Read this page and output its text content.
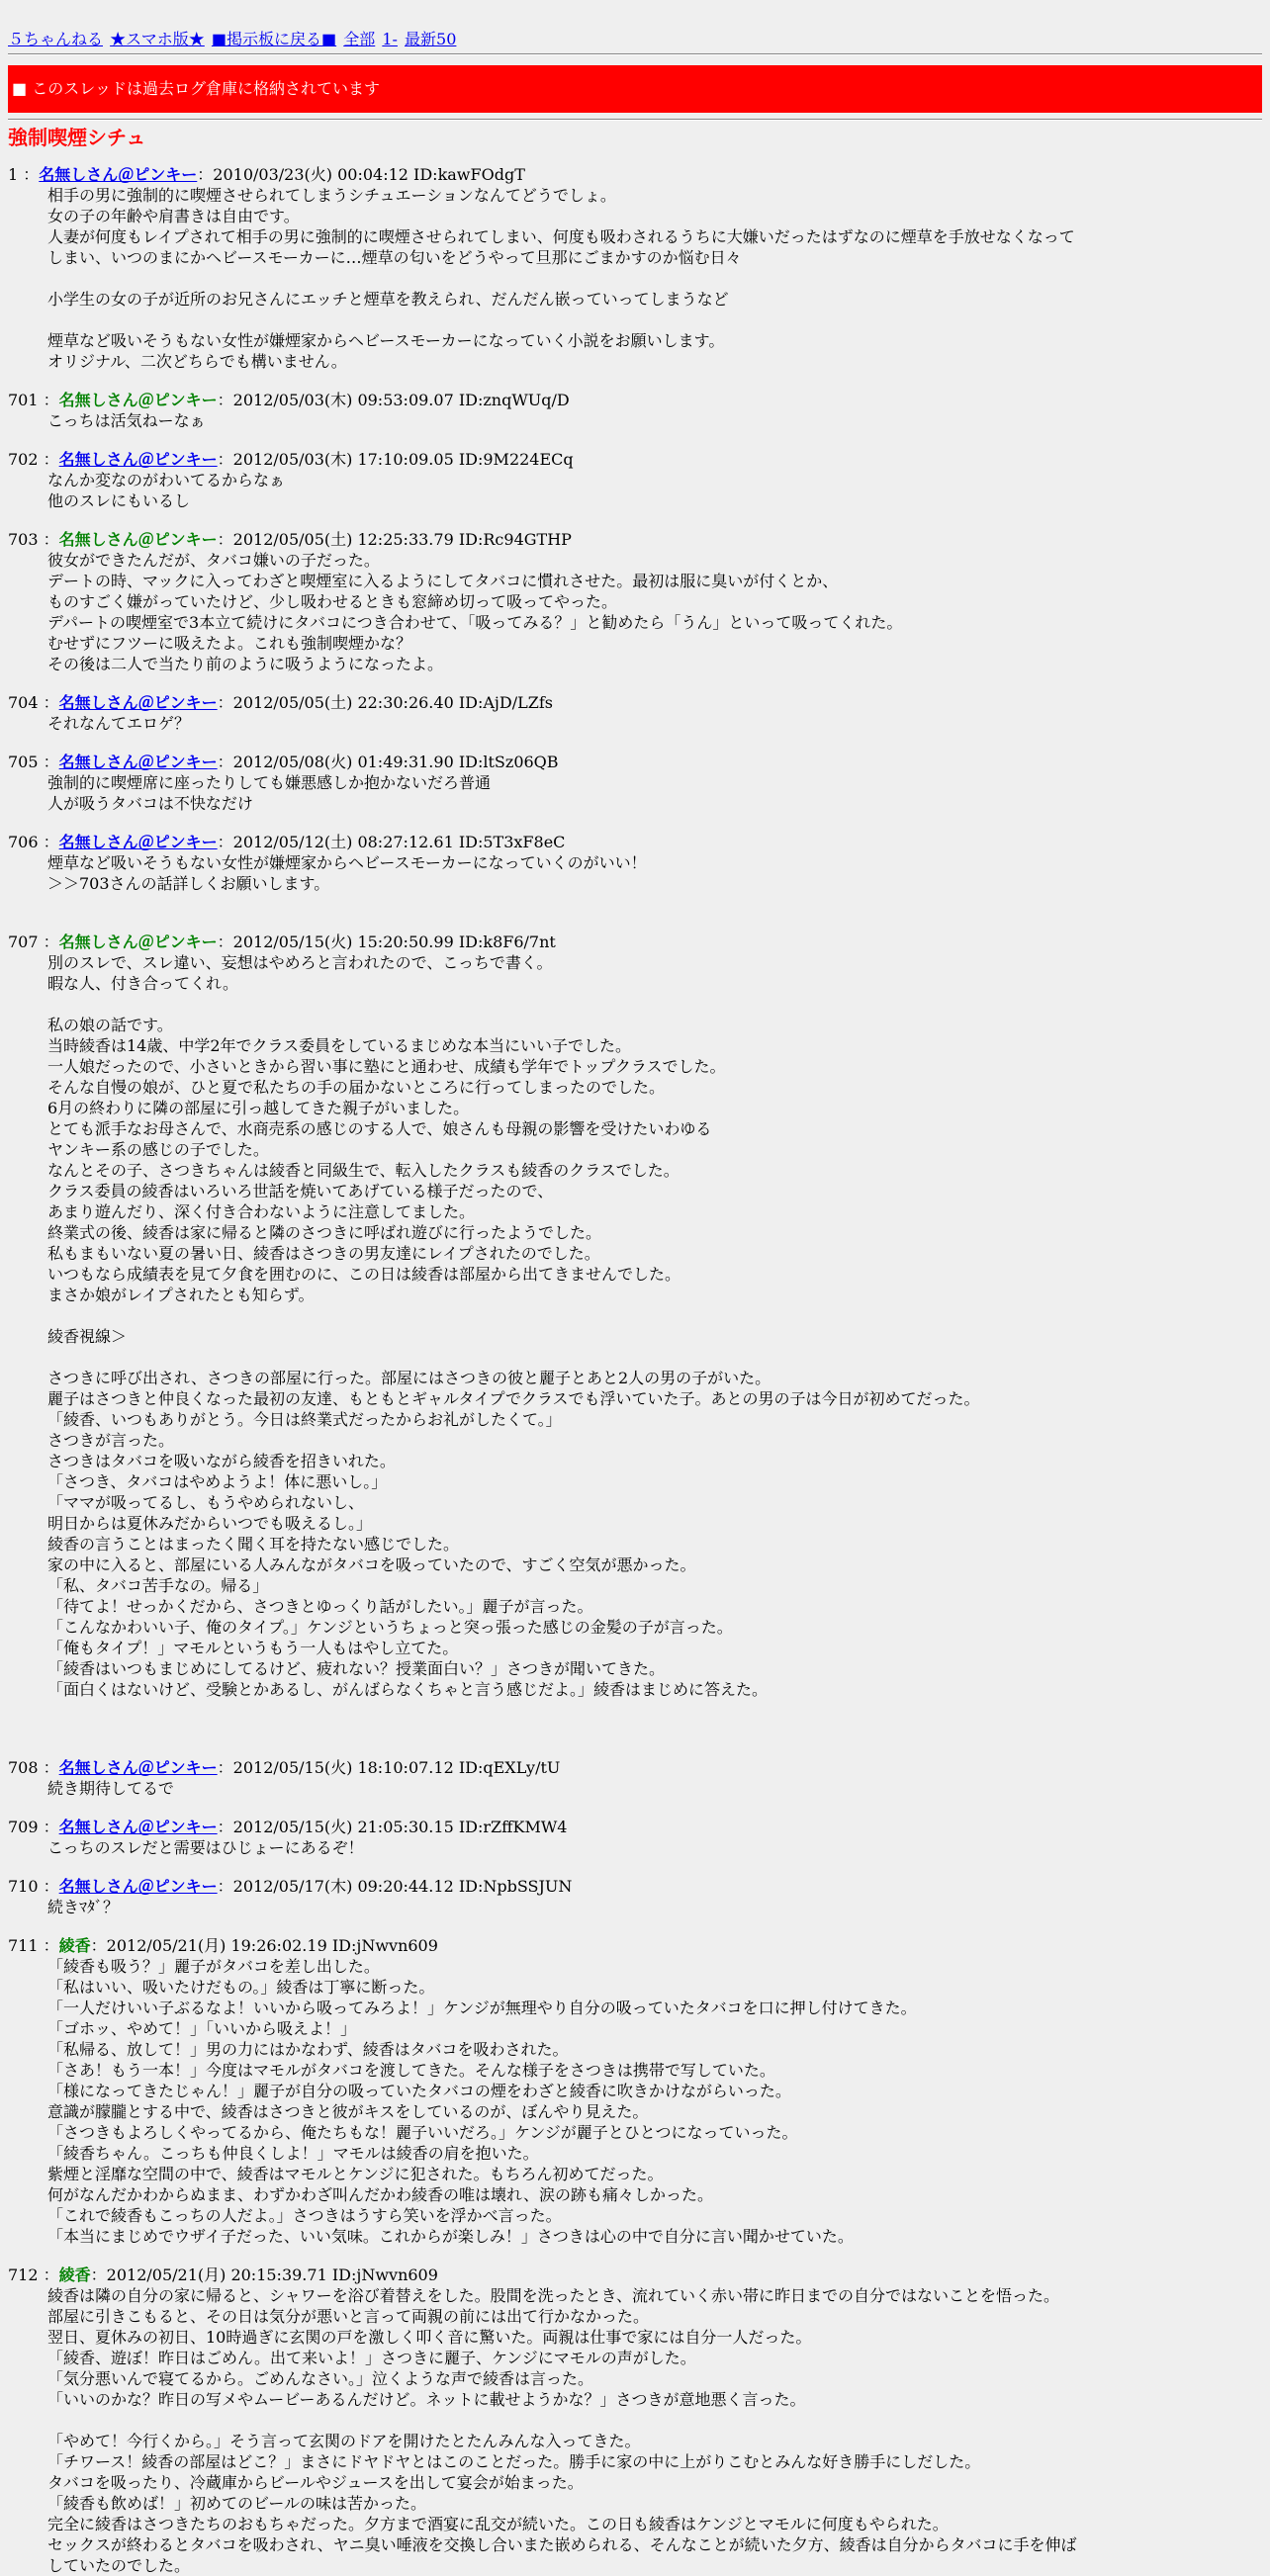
５ちゃんねる ★スマホ版★ ■掲示板に戻る■ 全部 1- 最新50
■ このスレッドは過去ログ倉庫に格納されています
強制喫煙シチュ
1 ：名無しさん＠ピンキー：2010/03/23(火) 00:04:12 ID:kawFOdgT
相手の男に強制的に喫煙させられてしまうシチュエーションなんてどうでしょ。
女の子の年齢や肩書きは自由です。
人妻が何度もレイプされて相手の男に強制的に喫煙させられてしまい、何度も吸わされるうちに大嫌いだったはずなのに煙草を手放せなくなって
しまい、いつのまにかヘビースモーカーに…煙草の匂いをどうやって旦那にごまかすのか悩む日々

小学生の女の子が近所のお兄さんにエッチと煙草を教えられ、だんだん嵌っていってしまうなど

煙草など吸いそうもない女性が嫌煙家からヘビースモーカーになっていく小説をお願いします。
オリジナル、二次どちらでも構いません。
701 ：名無しさん＠ピンキー：2012/05/03(木) 09:53:09.07 ID:znqWUq/D
こっちは活気ねーなぁ
702 ：名無しさん＠ピンキー：2012/05/03(木) 17:10:09.05 ID:9M224ECq
なんか変なのがわいてるからなぁ
他のスレにもいるし
703 ：名無しさん＠ピンキー：2012/05/05(土) 12:25:33.79 ID:Rc94GTHP
彼女ができたんだが、タバコ嫌いの子だった。
デートの時、マックに入ってわざと喫煙室に入るようにしてタバコに慣れさせた。最初は服に臭いが付くとか、
ものすごく嫌がっていたけど、少し吸わせるときも窓締め切って吸ってやった。
デパートの喫煙室で3本立て続けにタバコにつき合わせて、「吸ってみる？」と勧めたら「うん」といって吸ってくれた。
むせずにフツーに吸えたよ。これも強制喫煙かな？
その後は二人で当たり前のように吸うようになったよ。
704 ：名無しさん＠ピンキー：2012/05/05(土) 22:30:26.40 ID:AjD/LZfs
それなんてエロゲ？
705 ：名無しさん＠ピンキー：2012/05/08(火) 01:49:31.90 ID:ltSz06QB
強制的に喫煙席に座ったりしても嫌悪感しか抱かないだろ普通
人が吸うタバコは不快なだけ
706 ：名無しさん＠ピンキー：2012/05/12(土) 08:27:12.61 ID:5T3xF8eC
煙草など吸いそうもない女性が嫌煙家からヘビースモーカーになっていくのがいい！
＞＞703さんの話詳しくお願いします。
707 ：名無しさん＠ピンキー：2012/05/15(火) 15:20:50.99 ID:k8F6/7nt
別のスレで、スレ違い、妄想はやめろと言われたので、こっちで書く。
暇な人、付き合ってくれ。

私の娘の話です。
当時綾香は14歳、中学2年でクラス委員をしているまじめな本当にいい子でした。
一人娘だったので、小さいときから習い事に塾にと通わせ、成績も学年でトップクラスでした。
そんな自慢の娘が、ひと夏で私たちの手の届かないところに行ってしまったのでした。
6月の終わりに隣の部屋に引っ越してきた親子がいました。
とても派手なお母さんで、水商売系の感じのする人で、娘さんも母親の影響を受けたいわゆる
ヤンキー系の感じの子でした。
なんとその子、さつきちゃんは綾香と同級生で、転入したクラスも綾香のクラスでした。
クラス委員の綾香はいろいろ世話を焼いてあげている様子だったので、
あまり遊んだり、深く付き合わないように注意してました。
終業式の後、綾香は家に帰ると隣のさつきに呼ばれ遊びに行ったようでした。
私もまもいない夏の暑い日、綾香はさつきの男友達にレイプされたのでした。
いつもなら成績表を見て夕食を囲むのに、この日は綾香は部屋から出てきませんでした。
まさか娘がレイプされたとも知らず。

綾香視線＞

さつきに呼び出され、さつきの部屋に行った。部屋にはさつきの彼と麗子とあと2人の男の子がいた。
麗子はさつきと仲良くなった最初の友達、もともとギャルタイプでクラスでも浮いていた子。あとの男の子は今日が初めてだった。
「綾香、いつもありがとう。今日は終業式だったからお礼がしたくて。」
さつきが言った。
さつきはタバコを吸いながら綾香を招きいれた。
「さつき、タバコはやめようよ！体に悪いし。」
「ママが吸ってるし、もうやめられないし、
明日からは夏休みだからいつでも吸えるし。」
綾香の言うことはまったく聞く耳を持たない感じでした。
家の中に入ると、部屋にいる人みんながタバコを吸っていたので、すごく空気が悪かった。
「私、タバコ苦手なの。帰る」
「待てよ！せっかくだから、さつきとゆっくり話がしたい。」麗子が言った。
「こんなかわいい子、俺のタイプ。」ケンジというちょっと突っ張った感じの金髪の子が言った。
「俺もタイプ！」マモルというもう一人もはやし立てた。
「綾香はいつもまじめにしてるけど、疲れない？授業面白い？」さつきが聞いてきた。
「面白くはないけど、受験とかあるし、がんばらなくちゃと言う感じだよ。」綾香はまじめに答えた。
708 ：名無しさん＠ピンキー：2012/05/15(火) 18:10:07.12 ID:qEXLy/tU
続き期待してるで
709 ：名無しさん＠ピンキー：2012/05/15(火) 21:05:30.15 ID:rZffKMW4
こっちのスレだと需要はひじょーにあるぞ！
710 ：名無しさん＠ピンキー：2012/05/17(木) 09:20:44.12 ID:NpbSSJUN
続きﾏﾀﾞ？
711 ：綾香：2012/05/21(月) 19:26:02.19 ID:jNwvn609
「綾香も吸う？」麗子がタバコを差し出した。
「私はいい、吸いたけだもの。」綾香は丁寧に断った。
「一人だけいい子ぶるなよ！いいから吸ってみろよ！」ケンジが無理やり自分の吸っていたタバコを口に押し付けてきた。
「ゴホッ、やめて！」「いいから吸えよ！」
「私帰る、放して！」男の力にはかなわず、綾香はタバコを吸わされた。
「さあ！もう一本！」今度はマモルがタバコを渡してきた。そんな様子をさつきは携帯で写していた。
「様になってきたじゃん！」麗子が自分の吸っていたタバコの煙をわざと綾香に吹きかけながらいった。
意識が朦朧とする中で、綾香はさつきと彼がキスをしているのが、ぼんやり見えた。
「さつきもよろしくやってるから、俺たちもな！麗子いいだろ。」ケンジが麗子とひとつになっていった。
「綾香ちゃん。こっちも仲良くしよ！」マモルは綾香の肩を抱いた。
紫煙と淫靡な空間の中で、綾香はマモルとケンジに犯された。もちろん初めてだった。
何がなんだかわからぬまま、わずかわざ叫んだかわ綾香の唯は壊れ、涙の跡も痛々しかった。
「これで綾香もこっちの人だよ。」さつきはうすら笑いを浮かべ言った。
「本当にまじめでウザイ子だった、いい気味。これからが楽しみ！」さつきは心の中で自分に言い聞かせていた。
712 ：綾香：2012/05/21(月) 20:15:39.71 ID:jNwvn609
綾香は隣の自分の家に帰ると、シャワーを浴び着替えをした。股間を洗ったとき、流れていく赤い帯に昨日までの自分ではないことを悟った。
部屋に引きこもると、その日は気分が悪いと言って両親の前には出て行かなかった。
翌日、夏休みの初日、10時過ぎに玄関の戸を激しく叩く音に驚いた。両親は仕事で家には自分一人だった。
「綾香、遊ぼ！昨日はごめん。出て来いよ！」さつきに麗子、ケンジにマモルの声がした。
「気分悪いんで寝てるから。ごめんなさい。」泣くような声で綾香は言った。
「いいのかな？昨日の写メやムービーあるんだけど。ネットに載せようかな？」さつきが意地悪く言った。

「やめて！今行くから。」そう言って玄関のドアを開けたとたんみんな入ってきた。
「チワース！綾香の部屋はどこ？」まさにドヤドヤとはこのことだった。勝手に家の中に上がりこむとみんな好き勝手にしだした。
タバコを吸ったり、冷蔵庫からビールやジュースを出して宴会が始まった。
「綾香も飲めば！」初めてのビールの味は苦かった。
完全に綾香はさつきたちのおもちゃだった。夕方まで酒宴に乱交が続いた。この日も綾香はケンジとマモルに何度もやられた。
セックスが終わるとタバコを吸わされ、ヤニ臭い唾液を交換し合いまた嵌められる、そんなことが続いた夕方、綾香は自分からタバコに手を伸ば
していたのでした。
